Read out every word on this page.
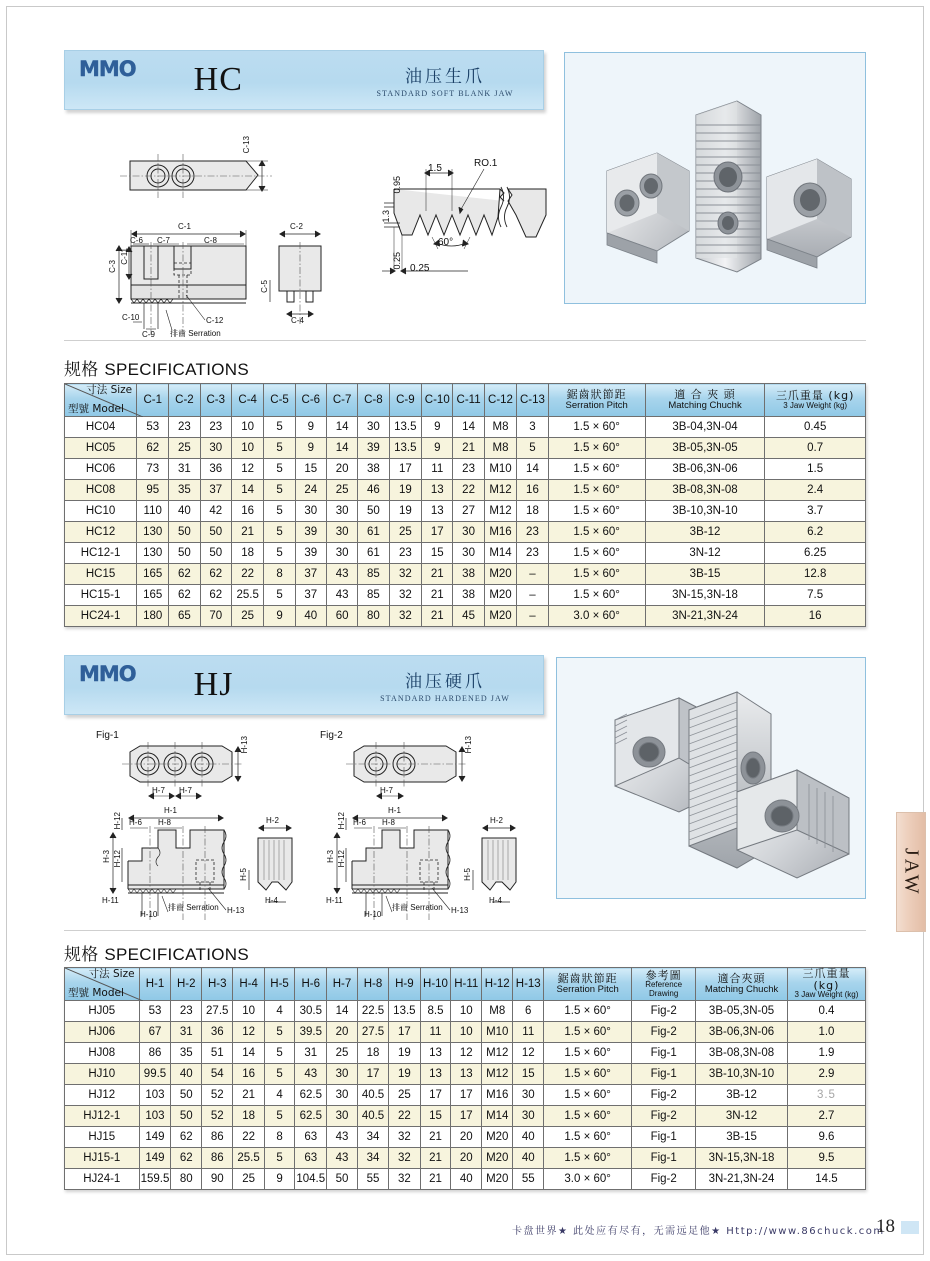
MMO HC	油压生爪
STANDARD SOFT BLANK JAW
C-13
C-1
C-6 C-7	C-8
C-3
C-11
C-10
C-9
C-12
排齒 Serration
C-2
C-5
C-4
1.5	RO.1
60°
0.25
0.95
1.3
0.25
规格 SPECIFICATIONS
寸法 Size
型號 Model	C-1	C-2	C-3	C-4	C-5	C-6	C-7	C-8	C-9	C-10	C-11	C-12	C-13	鋸齒狀節距
Serration Pitch	適 合 夾 頭
Matching Chuchk	三爪重量 (kg)
3 Jaw Weight (kg)

HC04	53	23	23	10	5	9	14	30	13.5	9	14	M8	3	1.5 × 60°	3B-04,3N-04	0.45
HC05	62	25	30	10	5	9	14	39	13.5	9	21	M8	5	1.5 × 60°	3B-05,3N-05	0.7
HC06	73	31	36	12	5	15	20	38	17	11	23	M10	14	1.5 × 60°	3B-06,3N-06	1.5
HC08	95	35	37	14	5	24	25	46	19	13	22	M12	16	1.5 × 60°	3B-08,3N-08	2.4
HC10	110	40	42	16	5	30	30	50	19	13	27	M12	18	1.5 × 60°	3B-10,3N-10	3.7
HC12	130	50	50	21	5	39	30	61	25	17	30	M16	23	1.5 × 60°	3B-12	6.2
HC12-1	130	50	50	18	5	39	30	61	23	15	30	M14	23	1.5 × 60°	3N-12	6.25
HC15	165	62	62	22	8	37	43	85	32	21	38	M20	–	1.5 × 60°	3B-15	12.8
HC15-1	165	62	62	25.5	5	37	43	85	32	21	38	M20	–	1.5 × 60°	3N-15,3N-18	7.5
HC24-1	180	65	70	25	9	40	60	80	32	21	45	M20	–	3.0 × 60°	3N-21,3N-24	16
MMO HJ	油压硬爪
STANDARD HARDENED JAW
Fig-1
H-13
H-7 H-7
H-1
H-6 H-8
H-3 H-12
H-12
H-11
H-10
排齒 Serration H-13
H-2
H-5
H-4
Fig-2
H-13
H-7
H-1
H-6 H-8
H-3 H-12
H-12
H-11
H-10
排齒 Serration H-13
H-2
H-5
H-4
规格 SPECIFICATIONS
寸法 Size
型號 Model	H-1	H-2	H-3	H-4	H-5	H-6	H-7	H-8	H-9	H-10	H-11	H-12	H-13	鋸齒狀節距
Serration Pitch	參考圖
Reference Drawing	適合夾頭
Matching Chuchk	三爪重量 (kg)
3 Jaw Weight (kg)

HJ05	53	23	27.5	10	4	30.5	14	22.5	13.5	8.5	10	M8	6	1.5 × 60°	Fig-2	3B-05,3N-05	0.4
HJ06	67	31	36	12	5	39.5	20	27.5	17	11	10	M10	11	1.5 × 60°	Fig-2	3B-06,3N-06	1.0
HJ08	86	35	51	14	5	31	25	18	19	13	12	M12	12	1.5 × 60°	Fig-1	3B-08,3N-08	1.9
HJ10	99.5	40	54	16	5	43	30	17	19	13	13	M12	15	1.5 × 60°	Fig-1	3B-10,3N-10	2.9
HJ12	103	50	52	21	4	62.5	30	40.5	25	17	17	M16	30	1.5 × 60°	Fig-2	3B-12	3.5
HJ12-1	103	50	52	18	5	62.5	30	40.5	22	15	17	M14	30	1.5 × 60°	Fig-2	3N-12	2.7
HJ15	149	62	86	22	8	63	43	34	32	21	20	M20	40	1.5 × 60°	Fig-1	3B-15	9.6
HJ15-1	149	62	86	25.5	5	63	43	34	32	21	20	M20	40	1.5 × 60°	Fig-1	3N-15,3N-18	9.5
HJ24-1	159.5	80	90	25	9	104.5	50	55	32	21	40	M20	55	3.0 × 60°	Fig-2	3N-21,3N-24	14.5
JAW
卡盘世界★ 此处应有尽有，无需远足他★ Http://www.86chuck.com
18
